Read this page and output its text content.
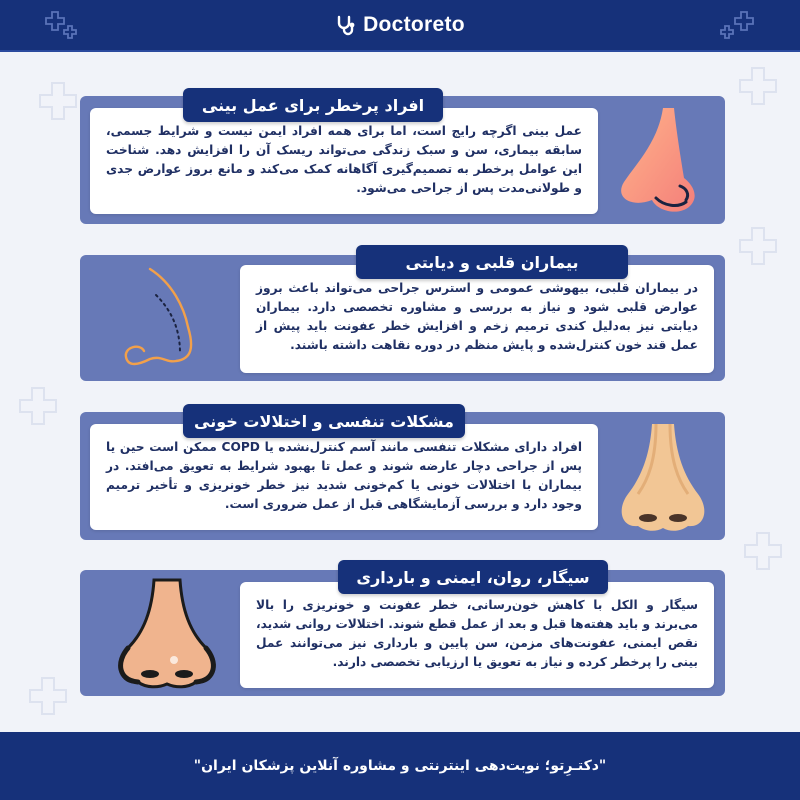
Doctoreto

عمل بینی اگرچه رایج است، اما برای همه افراد ایمن نیست و شرایط جسمی، سابقه بیماری، سن و سبک زندگی می‌تواند ریسک آن را افزایش دهد. شناخت این عوامل پرخطر به تصمیم‌گیری آگاهانه کمک می‌کند و مانع بروز عوارض جدی و طولانی‌مدت پس از جراحی می‌شود.

افراد پرخطر برای عمل بینی

در بیماران قلبی، بیهوشی عمومی و استرس جراحی می‌تواند باعث بروز عوارض قلبی شود و نیاز به بررسی و مشاوره تخصصی دارد. بیماران دیابتی نیز به‌دلیل کندی ترمیم زخم و افزایش خطر عفونت باید پیش از عمل قند خون کنترل‌شده و پایش منظم در دوره نقاهت داشته باشند.

بیماران قلبی و دیابتی

افراد دارای مشکلات تنفسی مانند آسم کنترل‌نشده یا COPD ممکن است حین یا پس از جراحی دچار عارضه شوند و عمل تا بهبود شرایط به تعویق می‌افتد. در بیماران با اختلالات خونی یا کم‌خونی شدید نیز خطر خونریزی و تأخیر ترمیم وجود دارد و بررسی آزمایشگاهی قبل از عمل ضروری است.

مشکلات تنفسی و اختلالات خونی

سیگار و الکل با کاهش خون‌رسانی، خطر عفونت و خونریزی را بالا می‌برند و باید هفته‌ها قبل و بعد از عمل قطع شوند. اختلالات روانی شدید، نقص ایمنی، عفونت‌های مزمن، سن پایین و بارداری نیز می‌توانند عمل بینی را پرخطر کرده و نیاز به تعویق یا ارزیابی تخصصی دارند.

سیگار، روان، ایمنی و بارداری

"دکتـرِتو؛ نوبت‌دهی اینترنتی و مشاوره آنلاین پزشکان ایران"
